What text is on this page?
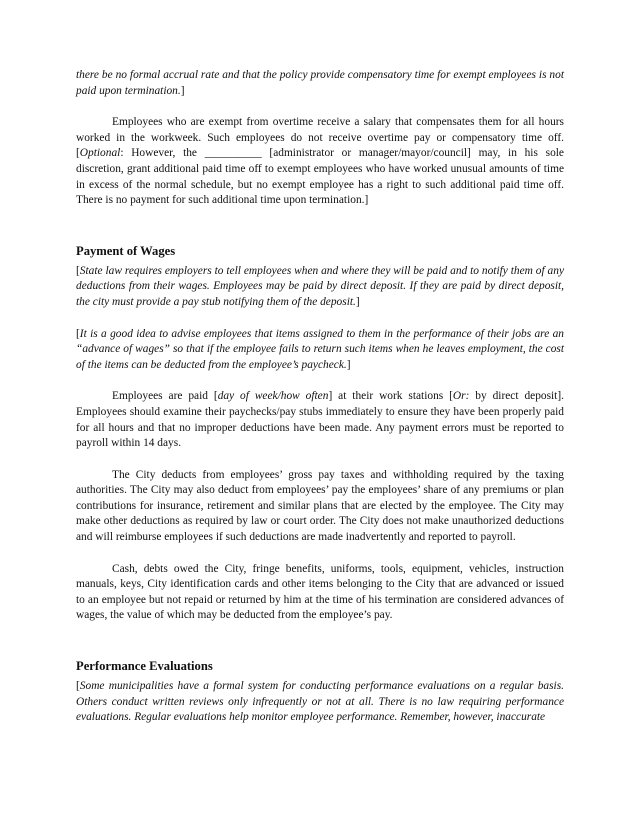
there be no formal accrual rate and that the policy provide compensatory time for exempt employees is not paid upon termination.]

Employees who are exempt from overtime receive a salary that compensates them for all hours worked in the workweek. Such employees do not receive overtime pay or compensatory time off. [Optional: However, the __________ [administrator or manager/mayor/council] may, in his sole discretion, grant additional paid time off to exempt employees who have worked unusual amounts of time in excess of the normal schedule, but no exempt employee has a right to such additional paid time off. There is no payment for such additional time upon termination.]

Payment of Wages

[State law requires employers to tell employees when and where they will be paid and to notify them of any deductions from their wages. Employees may be paid by direct deposit. If they are paid by direct deposit, the city must provide a pay stub notifying them of the deposit.]

[It is a good idea to advise employees that items assigned to them in the performance of their jobs are an “advance of wages” so that if the employee fails to return such items when he leaves employment, the cost of the items can be deducted from the employee’s paycheck.]

Employees are paid [day of week/how often] at their work stations [Or: by direct deposit]. Employees should examine their paychecks/pay stubs immediately to ensure they have been properly paid for all hours and that no improper deductions have been made. Any payment errors must be reported to payroll within 14 days.

The City deducts from employees’ gross pay taxes and withholding required by the taxing authorities. The City may also deduct from employees’ pay the employees’ share of any premiums or plan contributions for insurance, retirement and similar plans that are elected by the employee. The City may make other deductions as required by law or court order. The City does not make unauthorized deductions and will reimburse employees if such deductions are made inadvertently and reported to payroll.

Cash, debts owed the City, fringe benefits, uniforms, tools, equipment, vehicles, instruction manuals, keys, City identification cards and other items belonging to the City that are advanced or issued to an employee but not repaid or returned by him at the time of his termination are considered advances of wages, the value of which may be deducted from the employee’s pay.

Performance Evaluations

[Some municipalities have a formal system for conducting performance evaluations on a regular basis. Others conduct written reviews only infrequently or not at all. There is no law requiring performance evaluations. Regular evaluations help monitor employee performance. Remember, however, inaccurate
